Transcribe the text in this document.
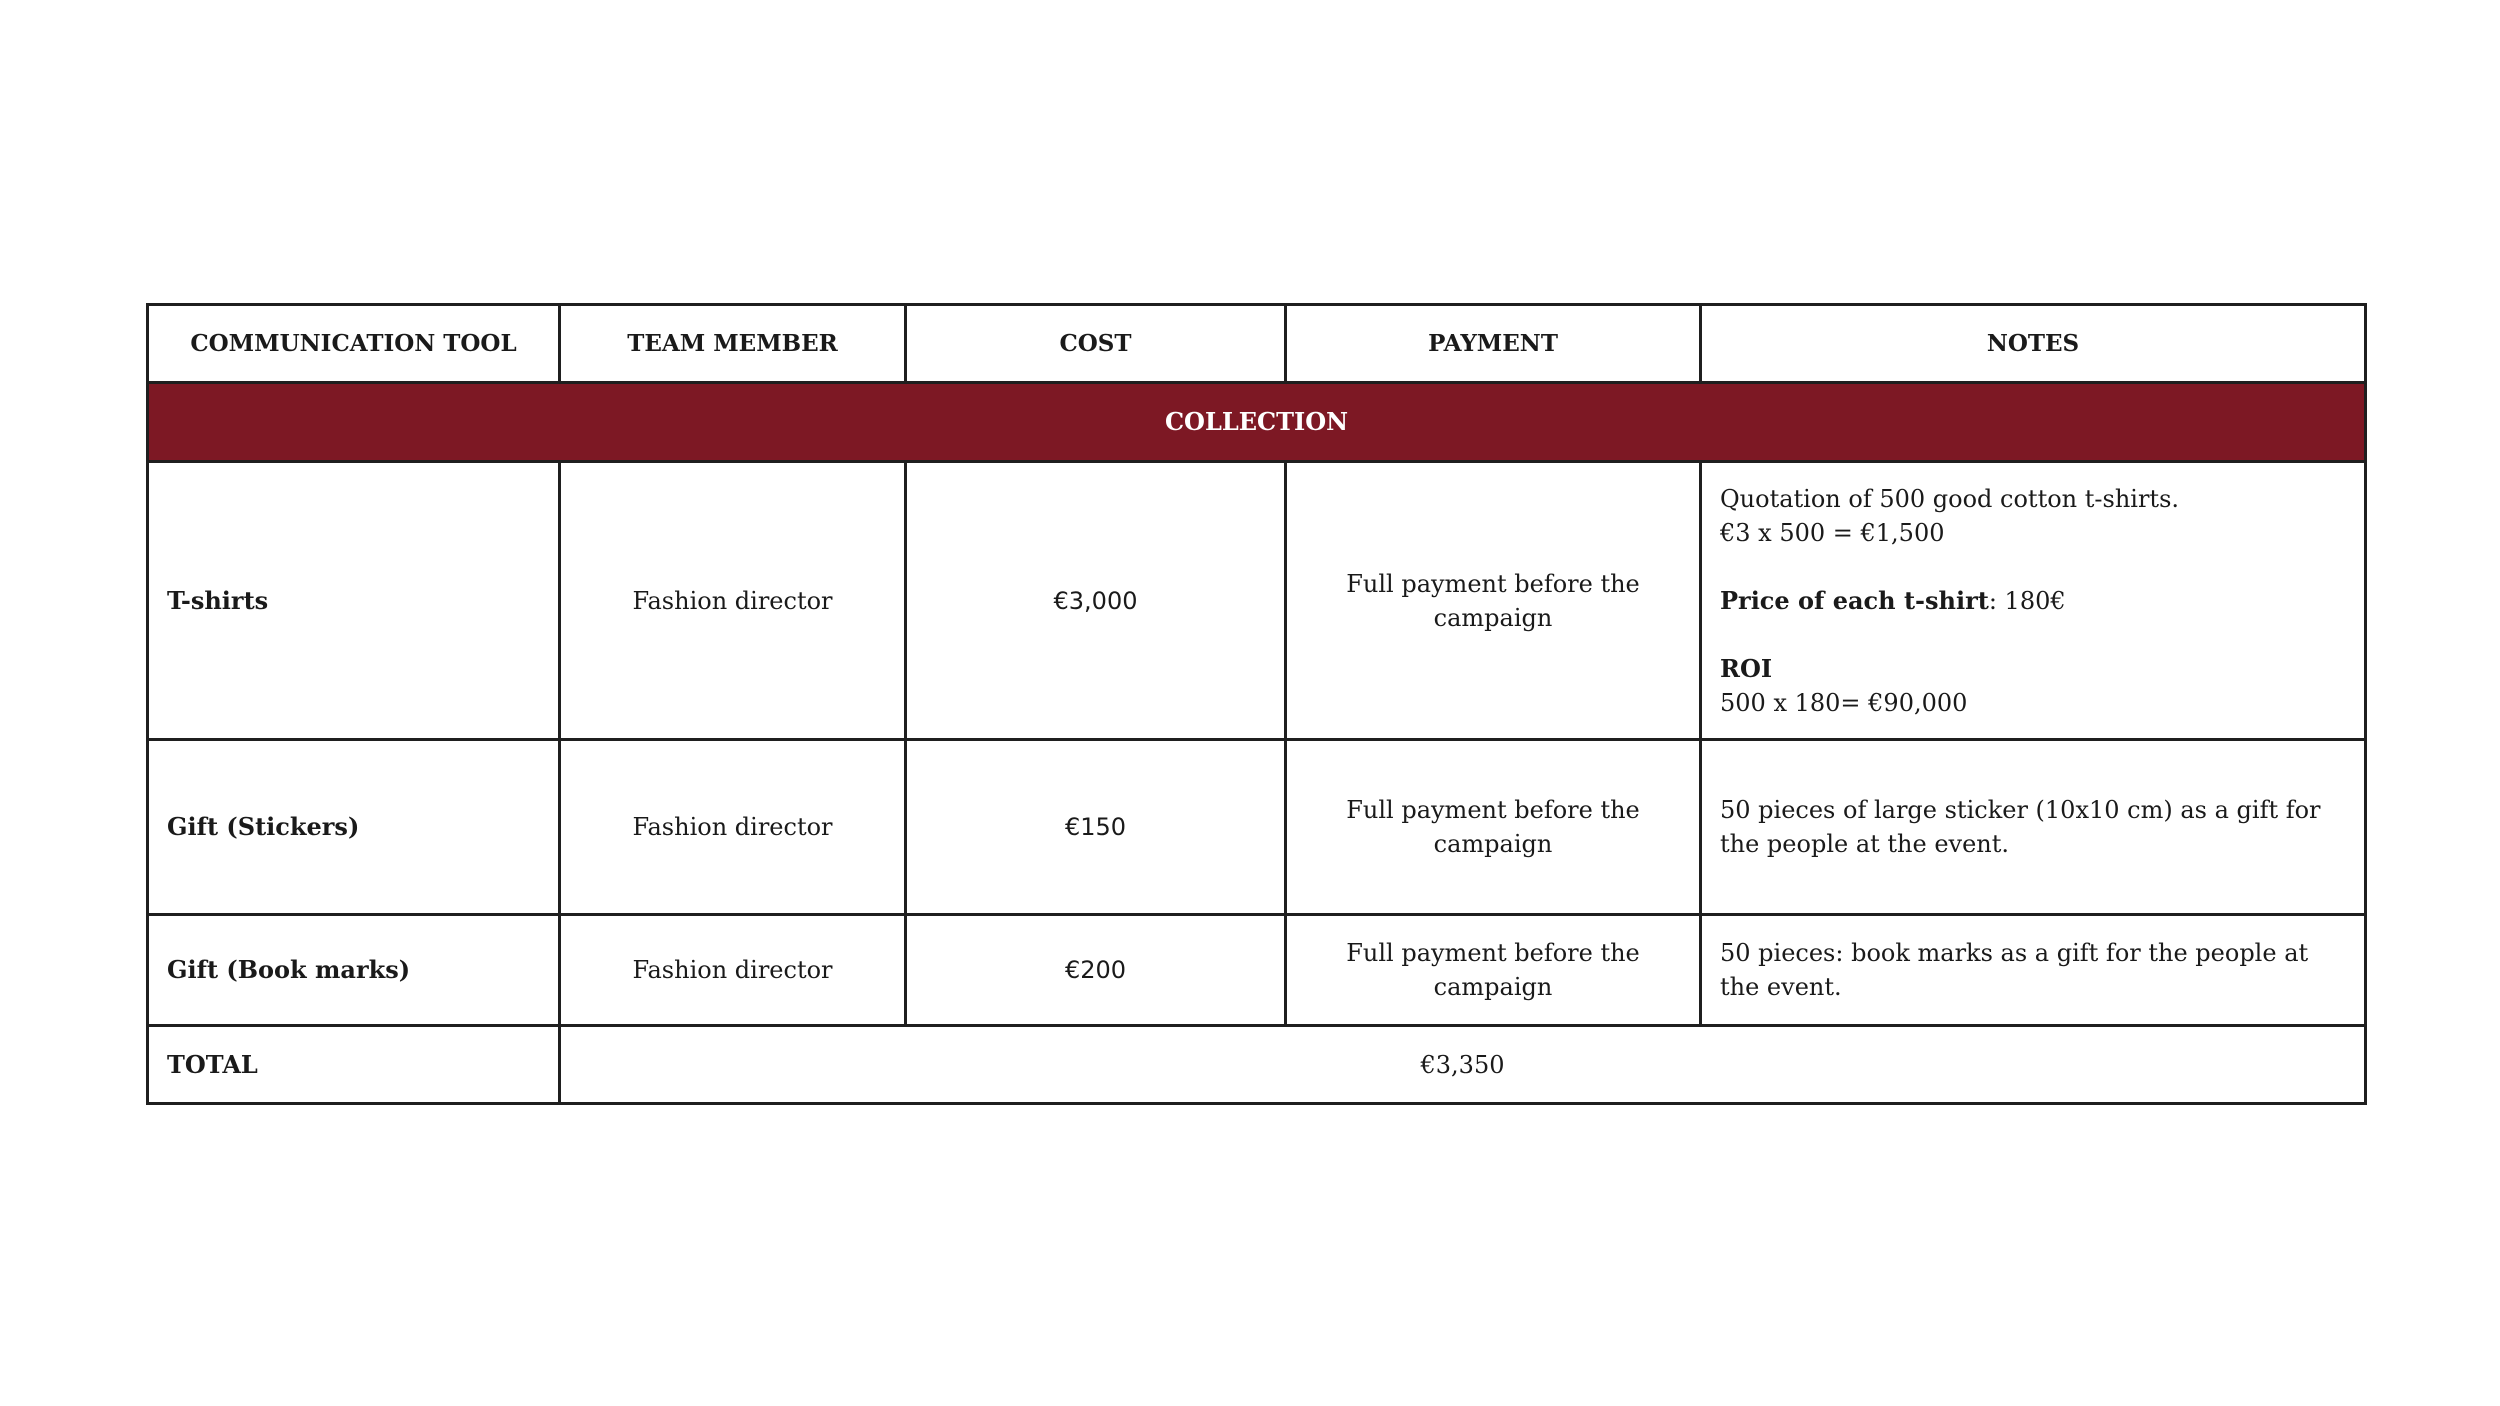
COMMUNICATION TOOL	TEAM MEMBER	COST	PAYMENT	NOTES
COLLECTION				
T-shirts	Fashion director	€3,000	Full payment before the campaign	Quotation of 500 good cotton t-shirts.
€3 x 500 = €1,500
Price of each t-shirt: 180€
ROI
500 x 180= €90,000

Gift (Stickers)	Fashion director	€150	Full payment before the campaign	50 pieces of large sticker (10x10 cm) as a gift for the people at the event.
Gift (Book marks)	Fashion director	€200	Full payment before the campaign	50 pieces: book marks as a gift for the people at the event.
TOTAL	€3,350			
